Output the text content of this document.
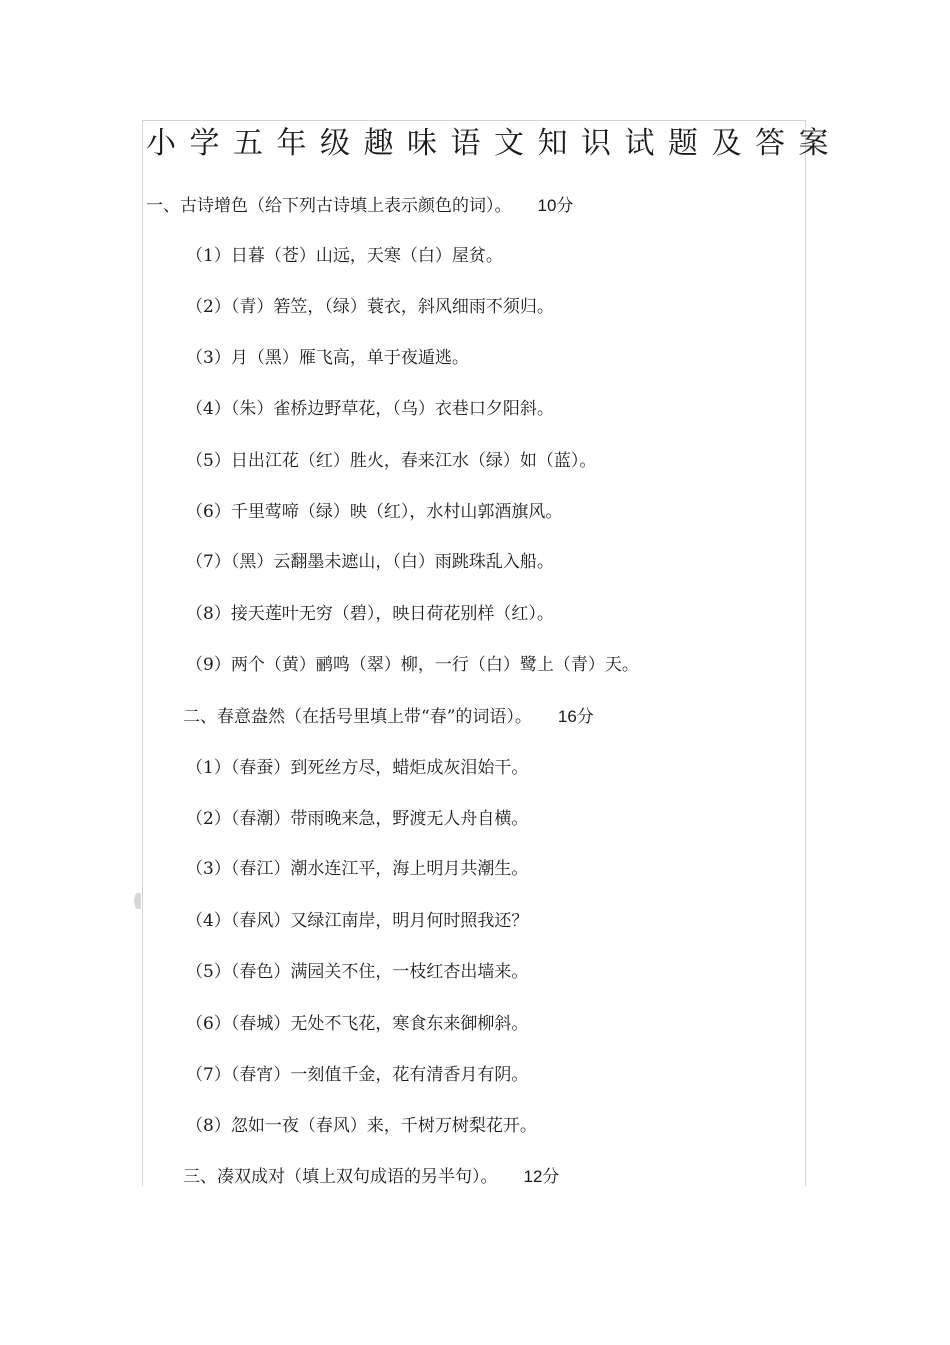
小学五年级趣味语文知识试题及答案
一、古诗增色（给下列古诗填上表示颜色的词）。 10分
（1）日暮（苍）山远，天寒（白）屋贫。
（2）（青）箬笠，（绿）蓑衣，斜风细雨不须归。
（3）月（黑）雁飞高，单于夜遁逃。
（4）（朱）雀桥边野草花，（乌）衣巷口夕阳斜。
（5）日出江花（红）胜火，春来江水（绿）如（蓝）。
（6）千里莺啼（绿）映（红），水村山郭酒旗风。
（7）（黑）云翻墨未遮山，（白）雨跳珠乱入船。
（8）接天莲叶无穷（碧），映日荷花别样（红）。
（9）两个（黄）鹂鸣（翠）柳，一行（白）鹭上（青）天。
二、春意盎然（在括号里填上带“春”的词语）。 16分
（1）（春蚕）到死丝方尽，蜡炬成灰泪始干。
（2）（春潮）带雨晚来急，野渡无人舟自横。
（3）（春江）潮水连江平，海上明月共潮生。
（4）（春风）又绿江南岸，明月何时照我还？
（5）（春色）满园关不住，一枝红杏出墙来。
（6）（春城）无处不飞花，寒食东来御柳斜。
（7）（春宵）一刻值千金，花有清香月有阴。
（8）忽如一夜（春风）来，千树万树梨花开。
三、凑双成对（填上双句成语的另半句）。 12分
